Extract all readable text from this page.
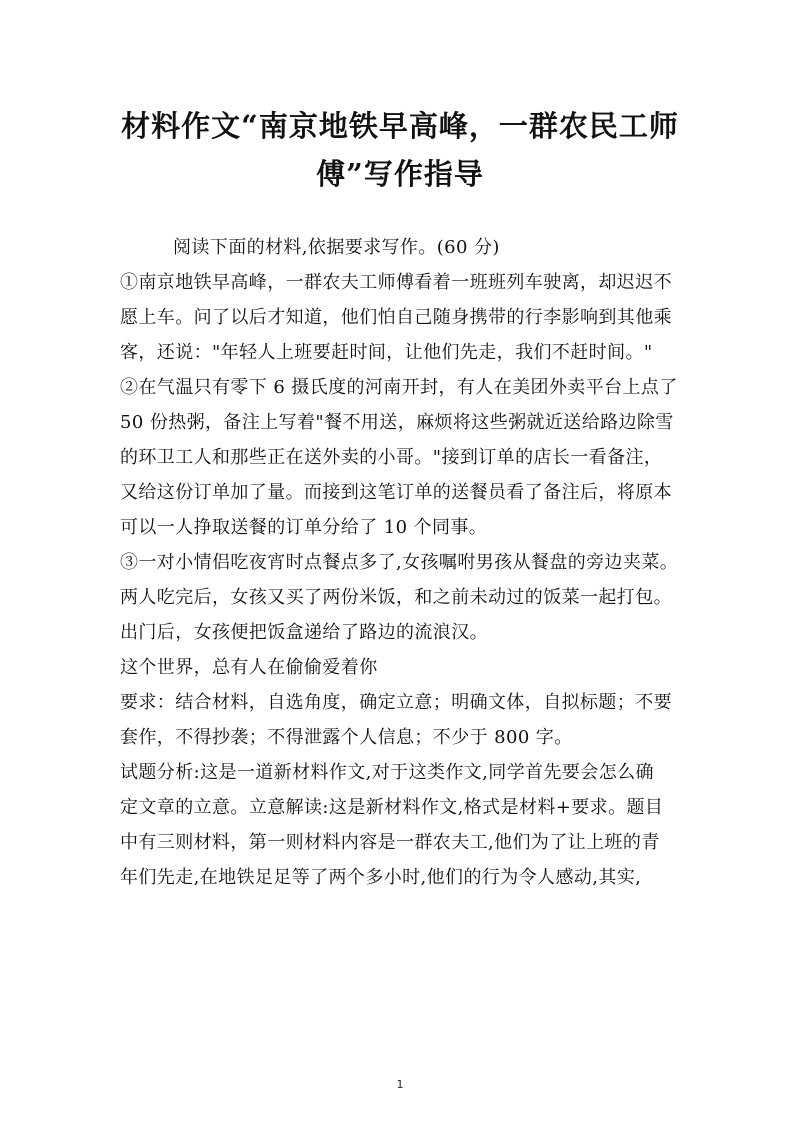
材料作文“南京地铁早高峰，一群农民工师
傅”写作指导

阅读下面的材料,依据要求写作。(60 分)

①南京地铁早高峰，一群农夫工师傅看着一班班列车驶离，却迟迟不

愿上车。问了以后才知道，他们怕自己随身携带的行李影响到其他乘

客，还说："年轻人上班要赶时间，让他们先走，我们不赶时间。"

②在气温只有零下 6 摄氏度的河南开封，有人在美团外卖平台上点了

50 份热粥，备注上写着"餐不用送，麻烦将这些粥就近送给路边除雪

的环卫工人和那些正在送外卖的小哥。"接到订单的店长一看备注，

又给这份订单加了量。而接到这笔订单的送餐员看了备注后，将原本

可以一人挣取送餐的订单分给了 10 个同事。

③一对小情侣吃夜宵时点餐点多了,女孩嘱咐男孩从餐盘的旁边夹菜。

两人吃完后，女孩又买了两份米饭，和之前未动过的饭菜一起打包。

出门后，女孩便把饭盒递给了路边的流浪汉。

这个世界，总有人在偷偷爱着你

要求：结合材料，自选角度，确定立意；明确文体，自拟标题；不要

套作，不得抄袭；不得泄露个人信息；不少于 800 字。

试题分析:这是一道新材料作文,对于这类作文,同学首先要会怎么确

定文章的立意。立意解读:这是新材料作文,格式是材料+要求。题目

中有三则材料，第一则材料内容是一群农夫工,他们为了让上班的青

年们先走,在地铁足足等了两个多小时,他们的行为令人感动,其实,

1
